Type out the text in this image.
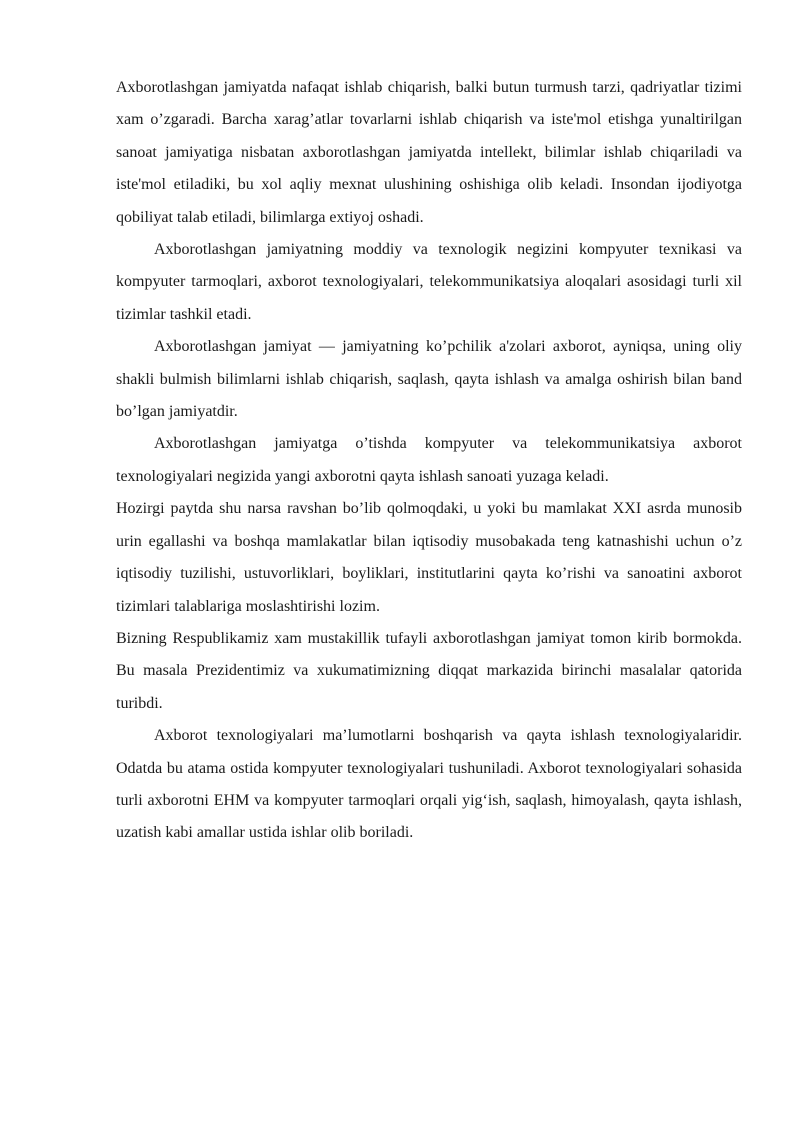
Axborotlashgan jamiyatda nafaqat ishlab chiqarish, balki butun turmush tarzi, qadriyatlar tizimi xam o’zgaradi. Barcha xarag’atlar tovarlarni ishlab chiqarish va iste'mol etishga yunaltirilgan sanoat jamiyatiga nisbatan axborotlashgan jamiyatda intellekt, bilimlar ishlab chiqariladi va iste'mol etiladiki, bu xol aqliy mexnat ulushining oshishiga olib keladi. Insondan ijodiyotga qobiliyat talab etiladi, bilimlarga extiyoj oshadi.

Axborotlashgan jamiyatning moddiy va texnologik negizini kompyuter texnikasi va kompyuter tarmoqlari, axborot texnologiyalari, telekommunikatsiya aloqalari asosidagi turli xil tizimlar tashkil etadi.

Axborotlashgan jamiyat — jamiyatning ko’pchilik a'zolari axborot, ayniqsa, uning oliy shakli bulmish bilimlarni ishlab chiqarish, saqlash, qayta ishlash va amalga oshirish bilan band bo’lgan jamiyatdir.

Axborotlashgan jamiyatga o’tishda kompyuter va telekommunikatsiya axborot texnologiyalari negizida yangi axborotni qayta ishlash sanoati yuzaga keladi.

Hozirgi paytda shu narsa ravshan bo’lib qolmoqdaki, u yoki bu mamlakat XXI asrda munosib urin egallashi va boshqa mamlakatlar bilan iqtisodiy musobakada teng katnashishi uchun o’z iqtisodiy tuzilishi, ustuvorliklari, boyliklari, institutlarini qayta ko’rishi va sanoatini axborot tizimlari talablariga moslashtirishi lozim.

Bizning Respublikamiz xam mustakillik tufayli axborotlashgan jamiyat tomon kirib bormokda. Bu masala Prezidentimiz va xukumatimizning diqqat markazida birinchi masalalar qatorida turibdi.

Axborot texnologiyalari ma’lumotlarni boshqarish va qayta ishlash texnologiyalaridir. Odatda bu atama ostida kompyuter texnologiyalari tushuniladi. Axborot texnologiyalari sohasida turli axborotni EHM va kompyuter tarmoqlari orqali yig‘ish, saqlash, himoyalash, qayta ishlash, uzatish kabi amallar ustida ishlar olib boriladi.
